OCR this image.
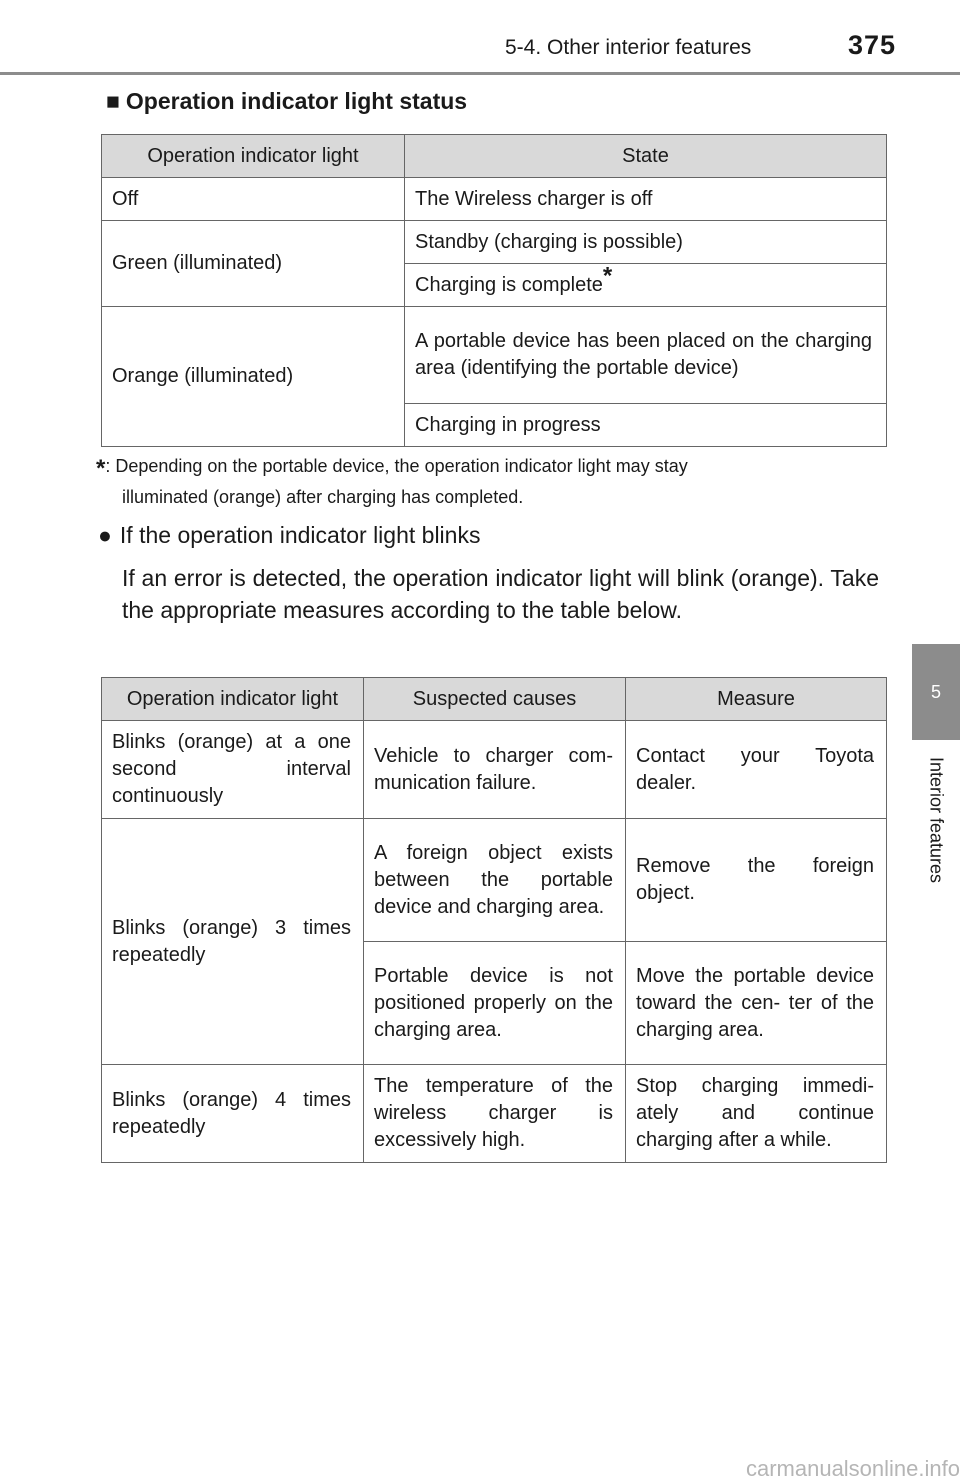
5-4. Other interior features	375
5
Interior features
■ Operation indicator light status
Operation indicator light	State
Off	The Wireless charger is off
Green (illuminated)	Standby (charging is possible)
	Charging is complete*
Orange (illuminated)	A portable device has been placed on the charging area (identifying the portable device)
	Charging in progress
*: Depending on the portable device, the operation indicator light may stay
illuminated (orange) after charging has completed.
● If the operation indicator light blinks
If an error is detected, the operation indicator light will blink (orange). Take the appropriate measures according to the table below.
Operation indicator light	Suspected causes	Measure
Blinks (orange) at a one second interval continuously	Vehicle to charger com- munication failure.	Contact your Toyota dealer.
Blinks (orange) 3 times repeatedly	A foreign object exists between the portable device and charging area.	Remove the foreign object.
	Portable device is not positioned properly on the charging area.	Move the portable device toward the cen- ter of the charging area.
Blinks (orange) 4 times repeatedly	The temperature of the wireless charger is excessively high.	Stop charging immedi- ately and continue charging after a while.
carmanualsonline.info
